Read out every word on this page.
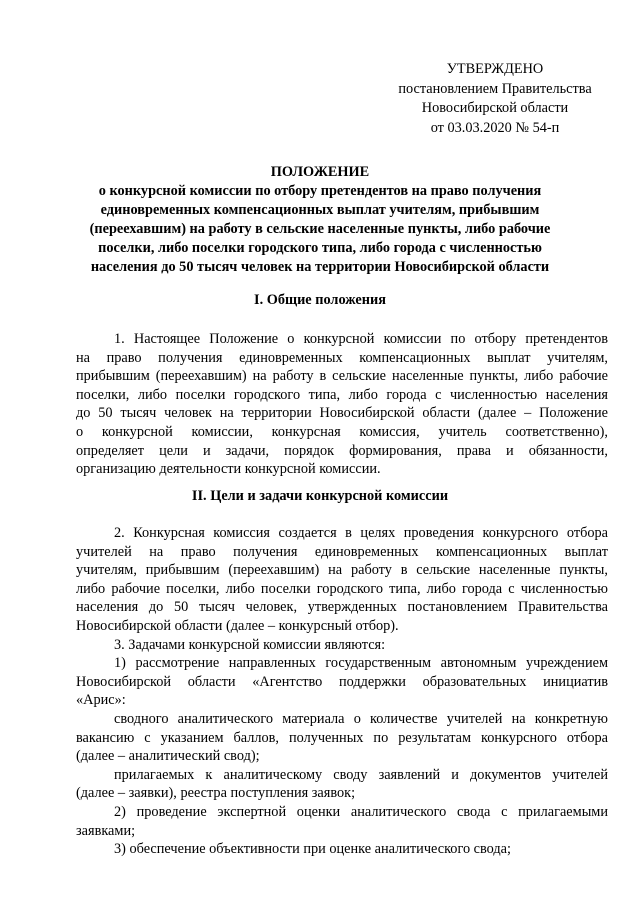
УТВЕРЖДЕНО
постановлением Правительства
Новосибирской области
от 03.03.2020 № 54-п
ПОЛОЖЕНИЕ
о конкурсной комиссии по отбору претендентов на право получения
единовременных компенсационных выплат учителям, прибывшим
(переехавшим) на работу в сельские населенные пункты, либо рабочие
поселки, либо поселки городского типа, либо города с численностью
населения до 50 тысяч человек на территории Новосибирской области
I. Общие положения
1. Настоящее Положение о конкурсной комиссии по отбору претендентов
на право получения единовременных компенсационных выплат учителям,
прибывшим (переехавшим) на работу в сельские населенные пункты, либо рабочие
поселки, либо поселки городского типа, либо города с численностью населения
до 50 тысяч человек на территории Новосибирской области (далее – Положение
о конкурсной комиссии, конкурсная комиссия, учитель соответственно),
определяет цели и задачи, порядок формирования, права и обязанности,
организацию деятельности конкурсной комиссии.
II. Цели и задачи конкурсной комиссии
2. Конкурсная комиссия создается в целях проведения конкурсного отбора
учителей на право получения единовременных компенсационных выплат
учителям, прибывшим (переехавшим) на работу в сельские населенные пункты,
либо рабочие поселки, либо поселки городского типа, либо города с численностью
населения до 50 тысяч человек, утвержденных постановлением Правительства
Новосибирской области (далее – конкурсный отбор).
3. Задачами конкурсной комиссии являются:
1) рассмотрение направленных государственным автономным учреждением
Новосибирской области «Агентство поддержки образовательных инициатив
«Арис»:
сводного аналитического материала о количестве учителей на конкретную
вакансию с указанием баллов, полученных по результатам конкурсного отбора
(далее – аналитический свод);
прилагаемых к аналитическому своду заявлений и документов учителей
(далее – заявки), реестра поступления заявок;
2) проведение экспертной оценки аналитического свода с прилагаемыми
заявками;
3) обеспечение объективности при оценке аналитического свода;
